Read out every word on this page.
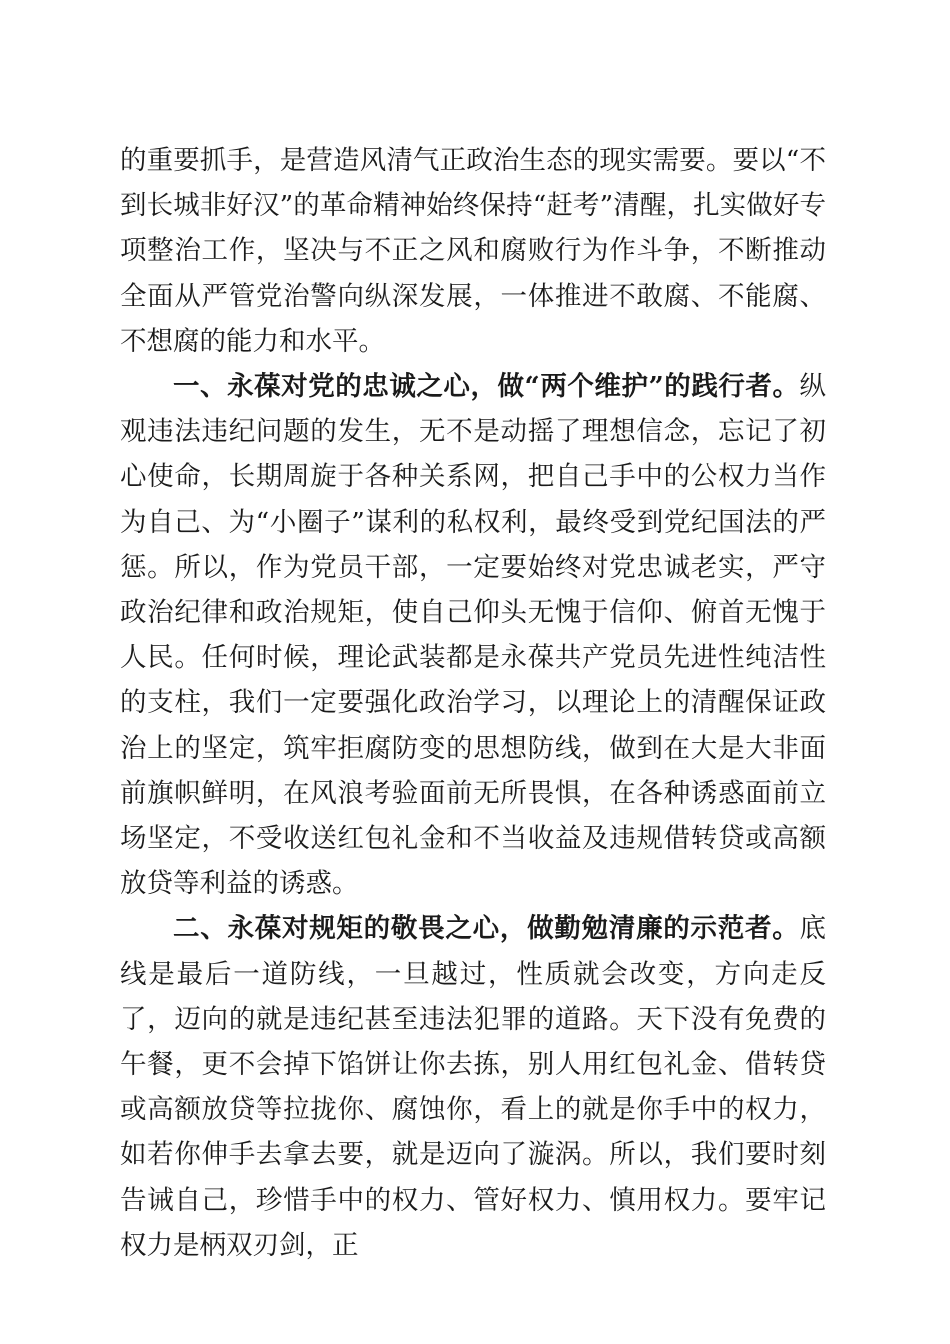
的重要抓手，是营造风清气正政治生态的现实需要。要以“不到长城非好汉”的革命精神始终保持“赶考”清醒，扎实做好专项整治工作，坚决与不正之风和腐败行为作斗争，不断推动全面从严管党治警向纵深发展，一体推进不敢腐、不能腐、不想腐的能力和水平。

一、永葆对党的忠诚之心，做“两个维护”的践行者。纵观违法违纪问题的发生，无不是动摇了理想信念，忘记了初心使命，长期周旋于各种关系网，把自己手中的公权力当作为自己、为“小圈子”谋利的私权利，最终受到党纪国法的严惩。所以，作为党员干部，一定要始终对党忠诚老实，严守政治纪律和政治规矩，使自己仰头无愧于信仰、俯首无愧于人民。任何时候，理论武装都是永葆共产党员先进性纯洁性的支柱，我们一定要强化政治学习，以理论上的清醒保证政治上的坚定，筑牢拒腐防变的思想防线，做到在大是大非面前旗帜鲜明，在风浪考验面前无所畏惧，在各种诱惑面前立场坚定，不受收送红包礼金和不当收益及违规借转贷或高额放贷等利益的诱惑。

二、永葆对规矩的敬畏之心，做勤勉清廉的示范者。底线是最后一道防线，一旦越过，性质就会改变，方向走反了，迈向的就是违纪甚至违法犯罪的道路。天下没有免费的午餐，更不会掉下馅饼让你去拣，别人用红包礼金、借转贷或高额放贷等拉拢你、腐蚀你，看上的就是你手中的权力，如若你伸手去拿去要，就是迈向了漩涡。所以，我们要时刻告诫自己，珍惜手中的权力、管好权力、慎用权力。要牢记权力是柄双刃剑，正
